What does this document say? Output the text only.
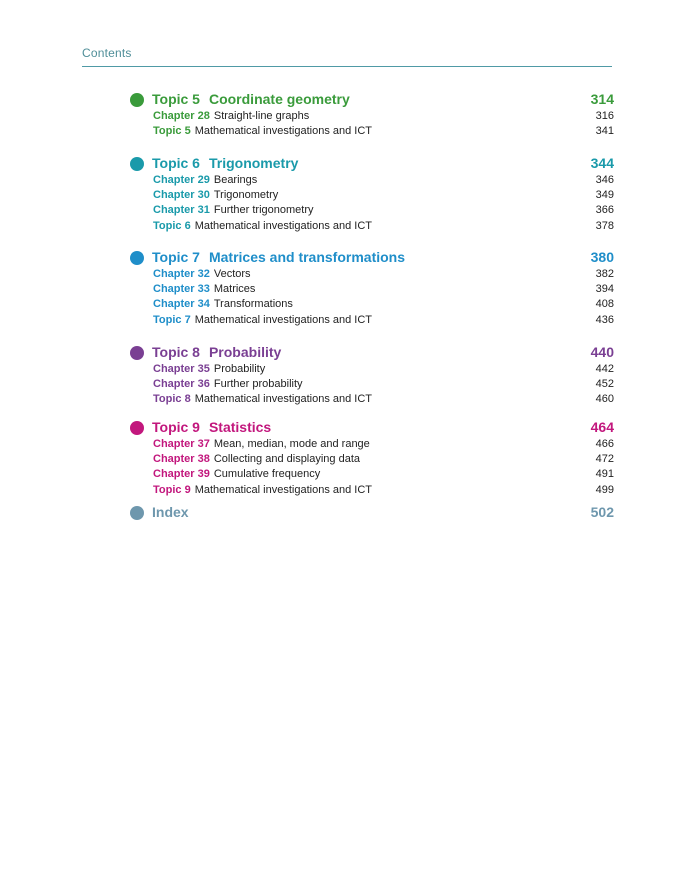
Contents
Topic 5 Coordinate geometry	314
Chapter 28 Straight-line graphs	316
Topic 5 Mathematical investigations and ICT	341
Topic 6 Trigonometry	344
Chapter 29 Bearings	346
Chapter 30 Trigonometry	349
Chapter 31 Further trigonometry	366
Topic 6 Mathematical investigations and ICT	378
Topic 7 Matrices and transformations	380
Chapter 32 Vectors	382
Chapter 33 Matrices	394
Chapter 34 Transformations	408
Topic 7 Mathematical investigations and ICT	436
Topic 8 Probability	440
Chapter 35 Probability	442
Chapter 36 Further probability	452
Topic 8 Mathematical investigations and ICT	460
Topic 9 Statistics	464
Chapter 37 Mean, median, mode and range	466
Chapter 38 Collecting and displaying data	472
Chapter 39 Cumulative frequency	491
Topic 9 Mathematical investigations and ICT	499
Index	502
